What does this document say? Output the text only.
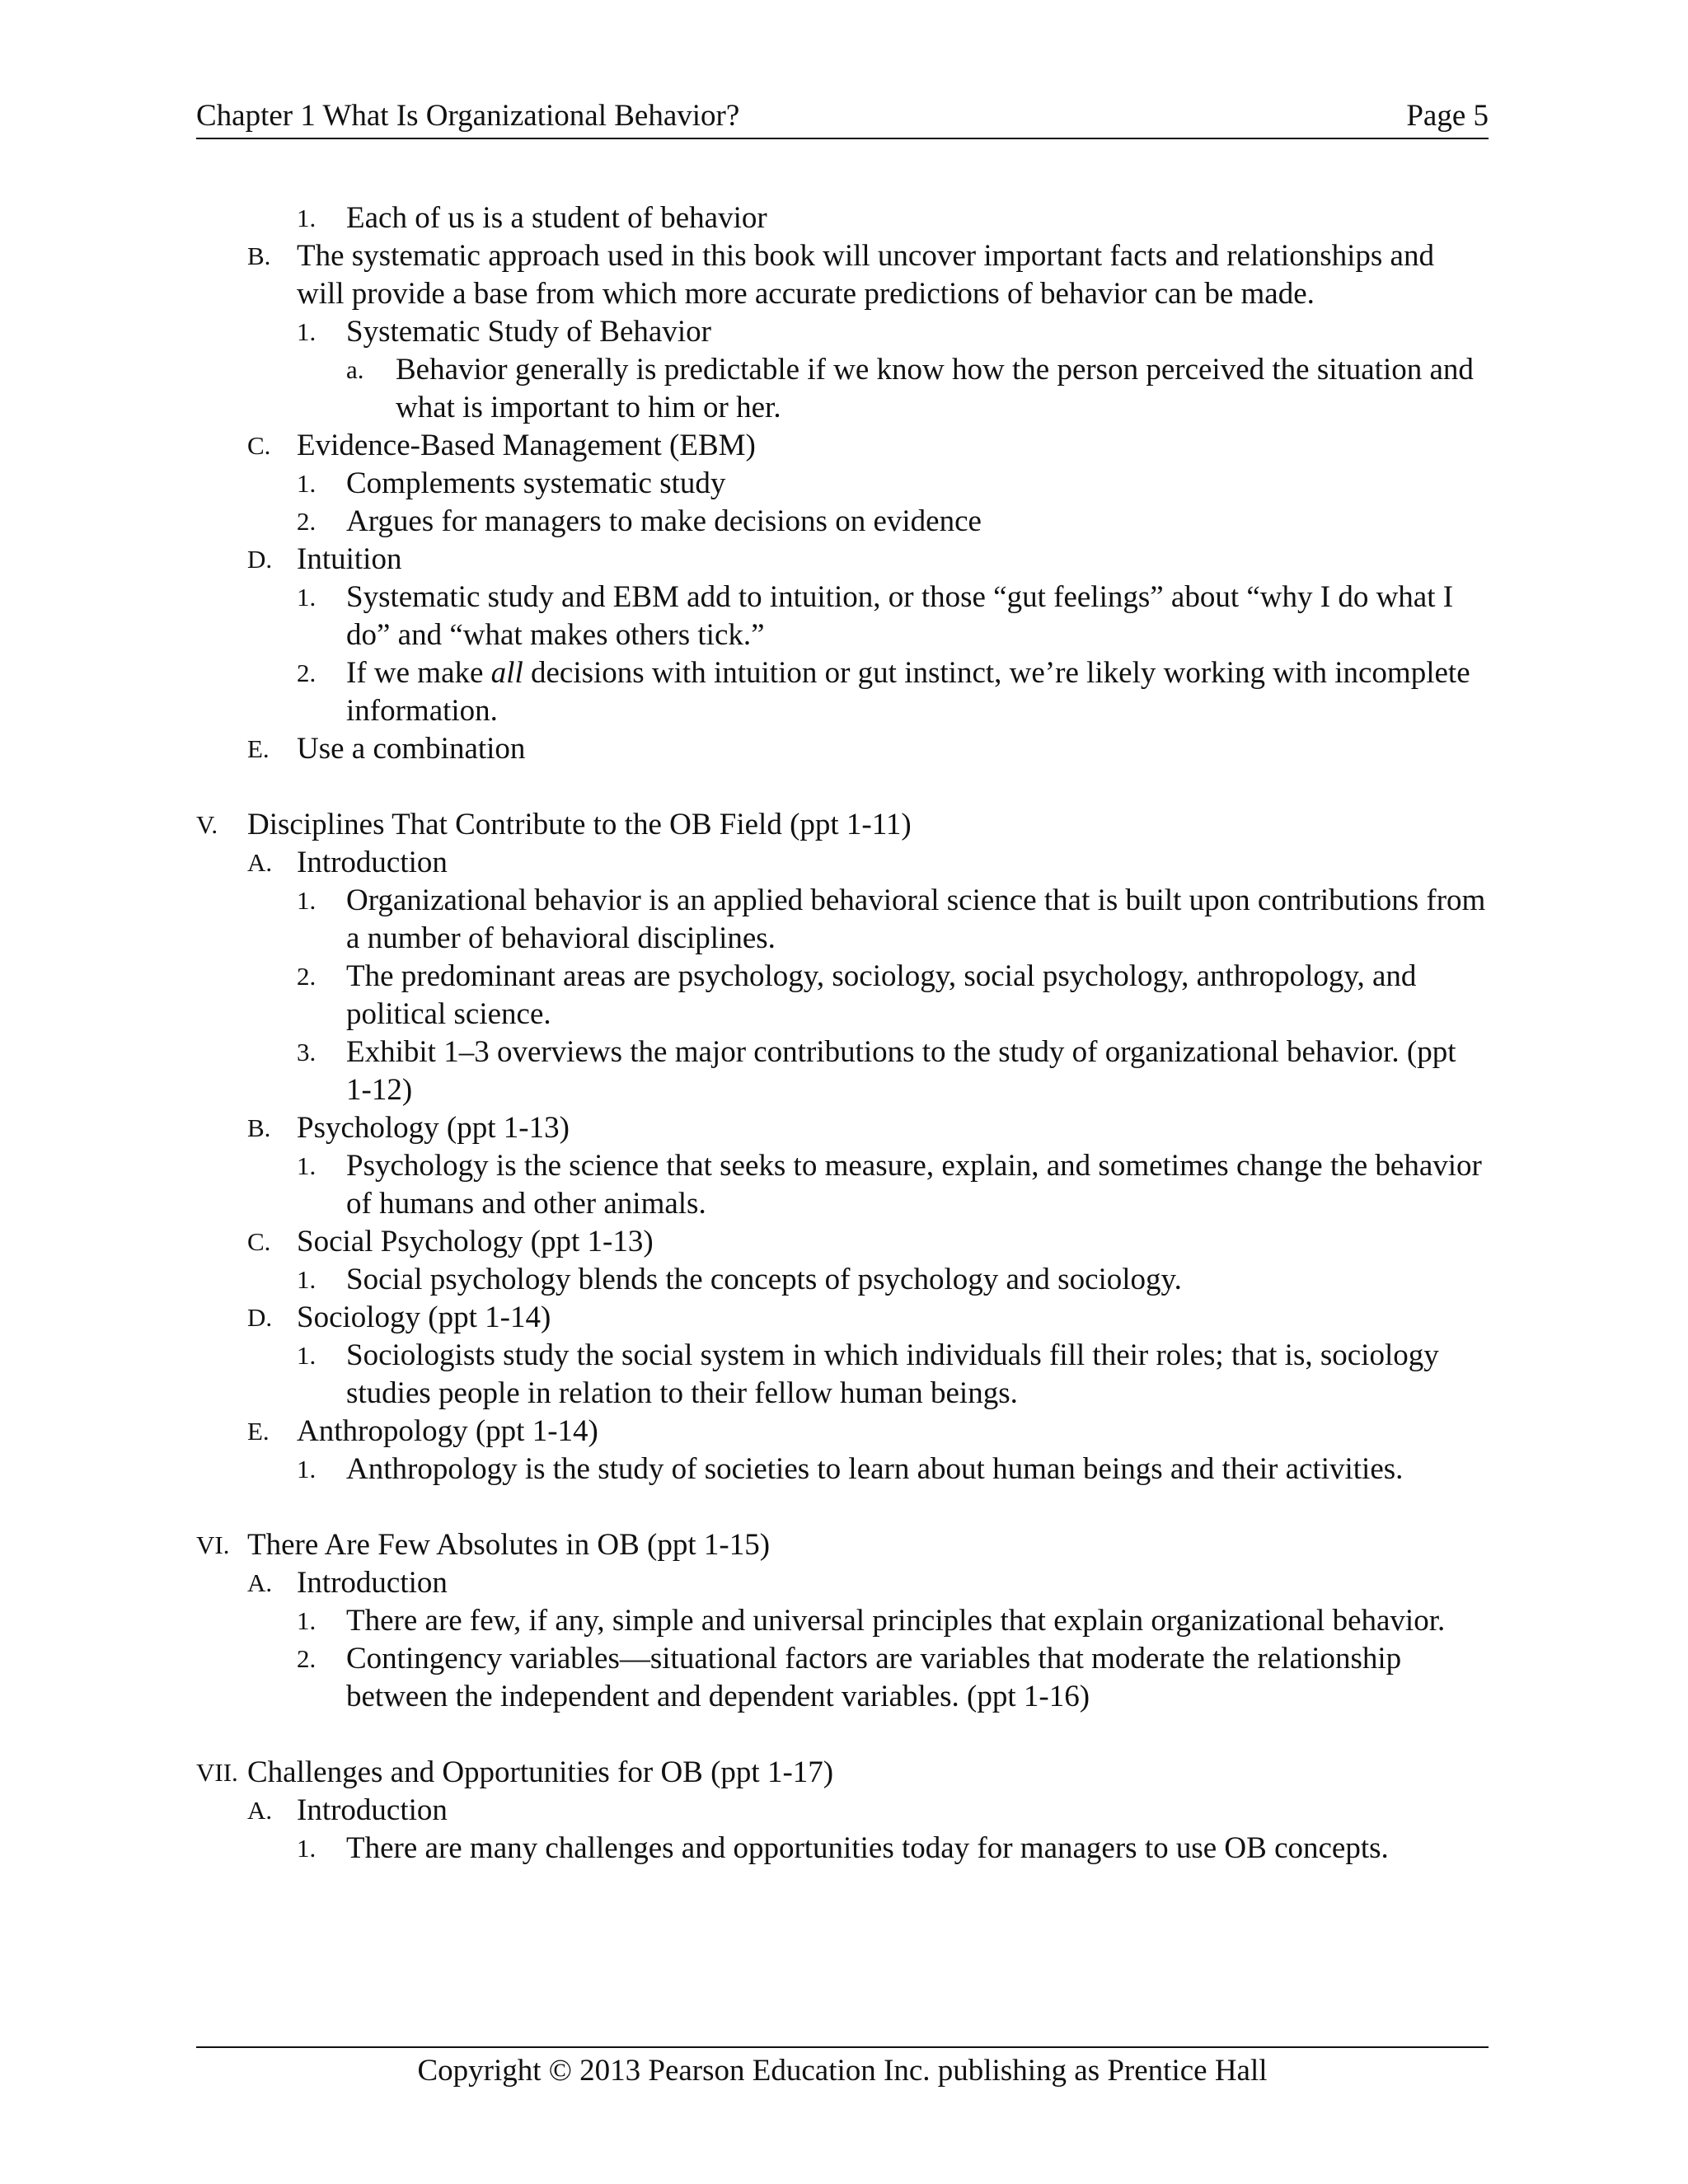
Chapter 1 What Is Organizational Behavior?	Page 5
1. Each of us is a student of behavior
B. The systematic approach used in this book will uncover important facts and relationships and will provide a base from which more accurate predictions of behavior can be made.
1. Systematic Study of Behavior
a. Behavior generally is predictable if we know how the person perceived the situation and what is important to him or her.
C. Evidence-Based Management (EBM)
1. Complements systematic study
2. Argues for managers to make decisions on evidence
D. Intuition
1. Systematic study and EBM add to intuition, or those “gut feelings” about “why I do what I do” and “what makes others tick.”
2. If we make all decisions with intuition or gut instinct, we’re likely working with incomplete information.
E. Use a combination
V. Disciplines That Contribute to the OB Field (ppt 1-11)
A. Introduction
1. Organizational behavior is an applied behavioral science that is built upon contributions from a number of behavioral disciplines.
2. The predominant areas are psychology, sociology, social psychology, anthropology, and political science.
3. Exhibit 1–3 overviews the major contributions to the study of organizational behavior. (ppt 1-12)
B. Psychology (ppt 1-13)
1. Psychology is the science that seeks to measure, explain, and sometimes change the behavior of humans and other animals.
C. Social Psychology (ppt 1-13)
1. Social psychology blends the concepts of psychology and sociology.
D. Sociology (ppt 1-14)
1. Sociologists study the social system in which individuals fill their roles; that is, sociology studies people in relation to their fellow human beings.
E. Anthropology (ppt 1-14)
1. Anthropology is the study of societies to learn about human beings and their activities.
VI. There Are Few Absolutes in OB (ppt 1-15)
A. Introduction
1. There are few, if any, simple and universal principles that explain organizational behavior.
2. Contingency variables—situational factors are variables that moderate the relationship between the independent and dependent variables. (ppt 1-16)
VII. Challenges and Opportunities for OB (ppt 1-17)
A. Introduction
1. There are many challenges and opportunities today for managers to use OB concepts.
Copyright © 2013 Pearson Education Inc. publishing as Prentice Hall
